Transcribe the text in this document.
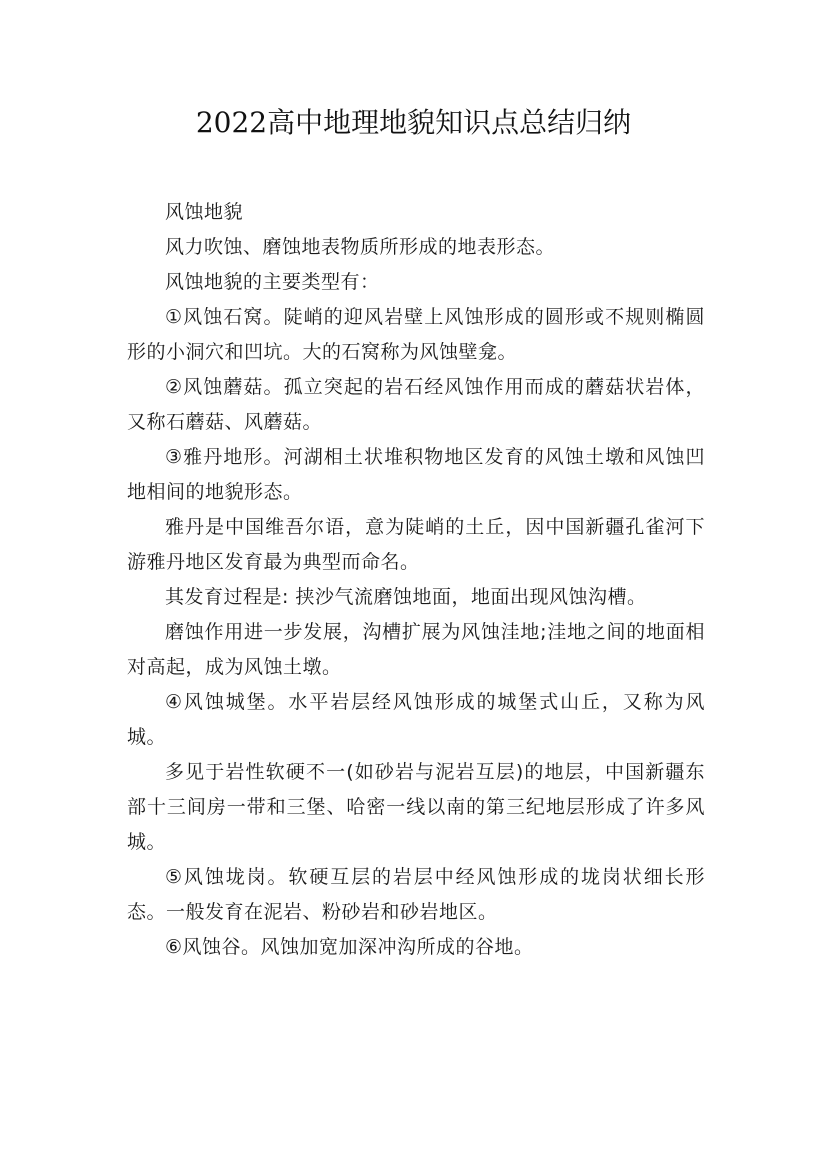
2022高中地理地貌知识点总结归纳

风蚀地貌

风力吹蚀、磨蚀地表物质所形成的地表形态。

风蚀地貌的主要类型有：

①风蚀石窝。陡峭的迎风岩壁上风蚀形成的圆形或不规则椭圆形的小洞穴和凹坑。大的石窝称为风蚀壁龛。

②风蚀蘑菇。孤立突起的岩石经风蚀作用而成的蘑菇状岩体，又称石蘑菇、风蘑菇。

③雅丹地形。河湖相土状堆积物地区发育的风蚀土墩和风蚀凹地相间的地貌形态。

雅丹是中国维吾尔语，意为陡峭的土丘，因中国新疆孔雀河下游雅丹地区发育最为典型而命名。

其发育过程是: 挟沙气流磨蚀地面，地面出现风蚀沟槽。

磨蚀作用进一步发展，沟槽扩展为风蚀洼地;洼地之间的地面相对高起，成为风蚀土墩。

④风蚀城堡。水平岩层经风蚀形成的城堡式山丘，又称为风城。

多见于岩性软硬不一(如砂岩与泥岩互层)的地层，中国新疆东部十三间房一带和三堡、哈密一线以南的第三纪地层形成了许多风城。

⑤风蚀垅岗。软硬互层的岩层中经风蚀形成的垅岗状细长形态。一般发育在泥岩、粉砂岩和砂岩地区。

⑥风蚀谷。风蚀加宽加深冲沟所成的谷地。
